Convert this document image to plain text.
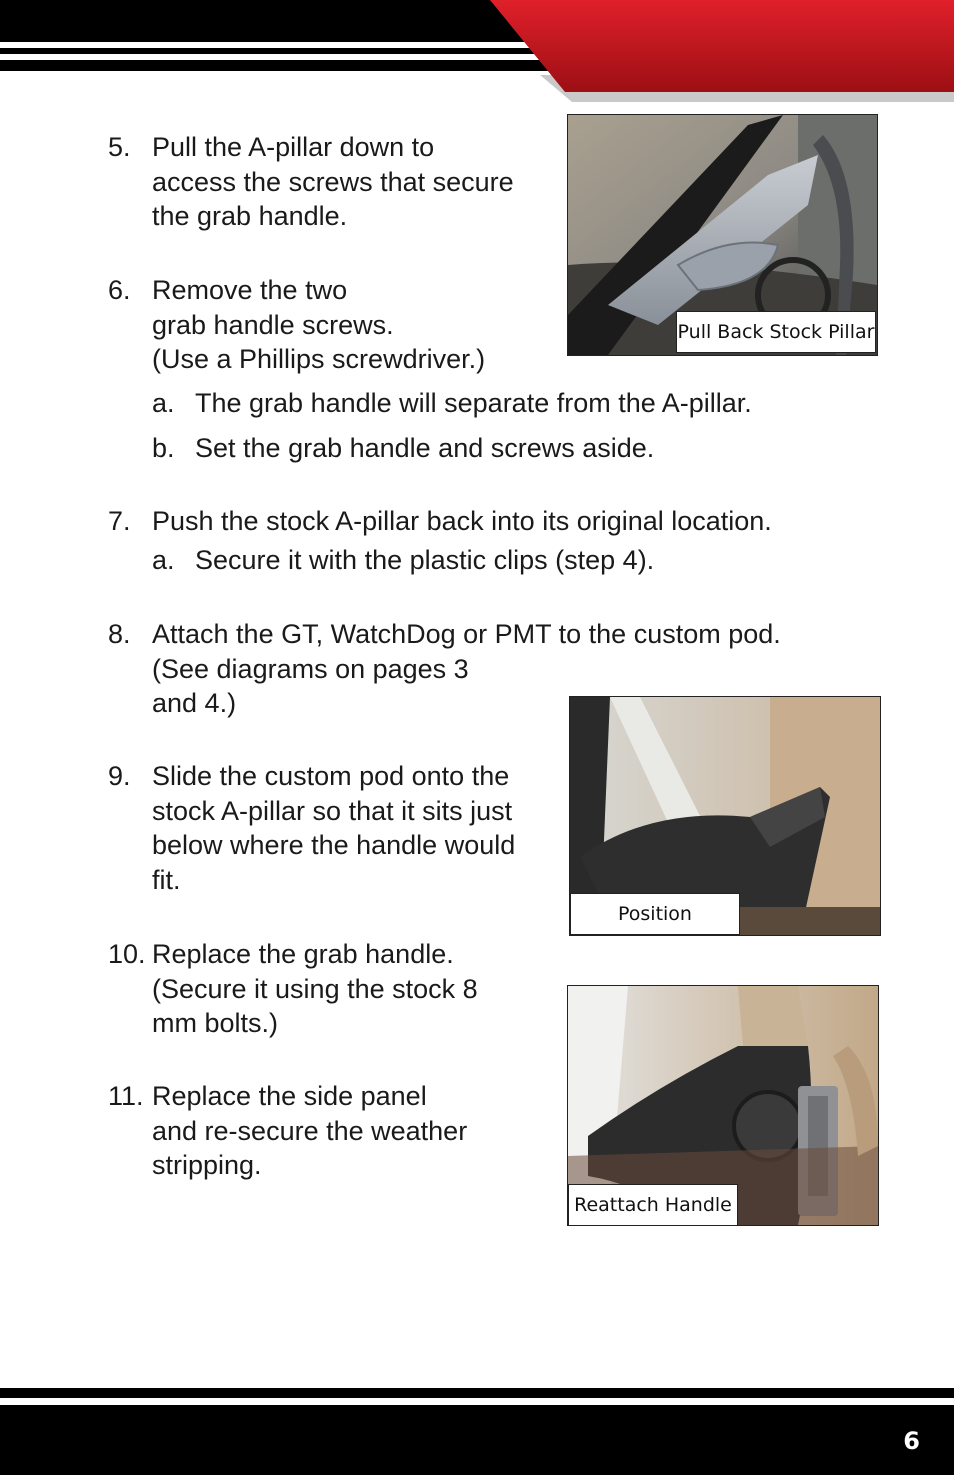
5. Pull the A-pillar down to
access the screws that secure
the grab handle.
6. Remove the two
grab handle screws.
(Use a Phillips screwdriver.)
a. The grab handle will separate from the A-pillar.
b. Set the grab handle and screws aside.
7. Push the stock A-pillar back into its original location.
a. Secure it with the plastic clips (step 4).
8. Attach the GT, WatchDog or PMT to the custom pod.
(See diagrams on pages 3
and 4.)
9. Slide the custom pod onto the
stock A-pillar so that it sits just
below where the handle would
fit.
10. Replace the grab handle.
(Secure it using the stock 8
mm bolts.)
11. Replace the side panel
and re-secure the weather
stripping.
Pull Back Stock Pillar
Position
Reattach Handle
6
